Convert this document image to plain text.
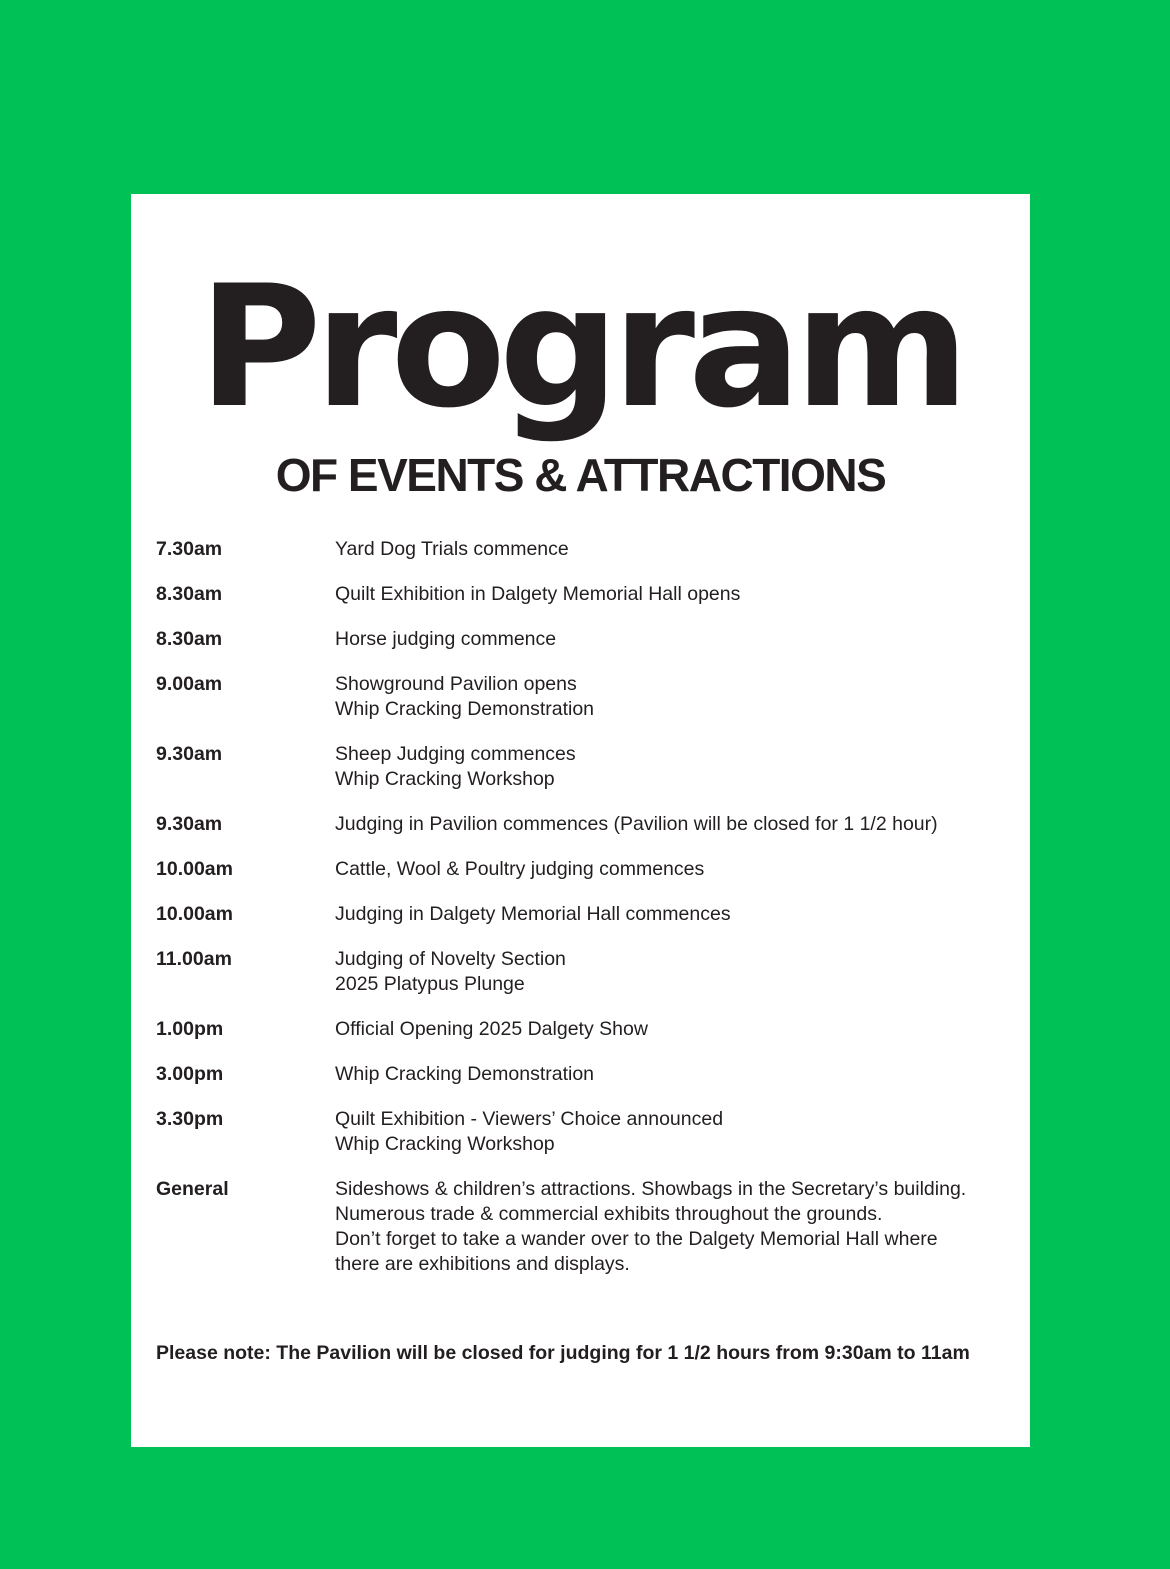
Program
OF EVENTS & ATTRACTIONS
7.30am	Yard Dog Trials commence
8.30am	Quilt Exhibition in Dalgety Memorial Hall opens
8.30am	Horse judging commence
9.00am	Showground Pavilion opens
Whip Cracking Demonstration
9.30am	Sheep Judging commences
Whip Cracking Workshop
9.30am	Judging in Pavilion commences (Pavilion will be closed for 1 1/2 hour)
10.00am	Cattle, Wool & Poultry judging commences
10.00am	Judging in Dalgety Memorial Hall commences
11.00am	Judging of Novelty Section
2025 Platypus Plunge
1.00pm	Official Opening 2025 Dalgety Show
3.00pm	Whip Cracking Demonstration
3.30pm	Quilt Exhibition - Viewers’ Choice announced
Whip Cracking Workshop
General	Sideshows & children’s attractions. Showbags in the Secretary’s building.
Numerous trade & commercial exhibits throughout the grounds.
Don’t forget to take a wander over to the Dalgety Memorial Hall where
there are exhibitions and displays.

Please note: The Pavilion will be closed for judging for 1 1/2 hours from 9:30am to 11am
